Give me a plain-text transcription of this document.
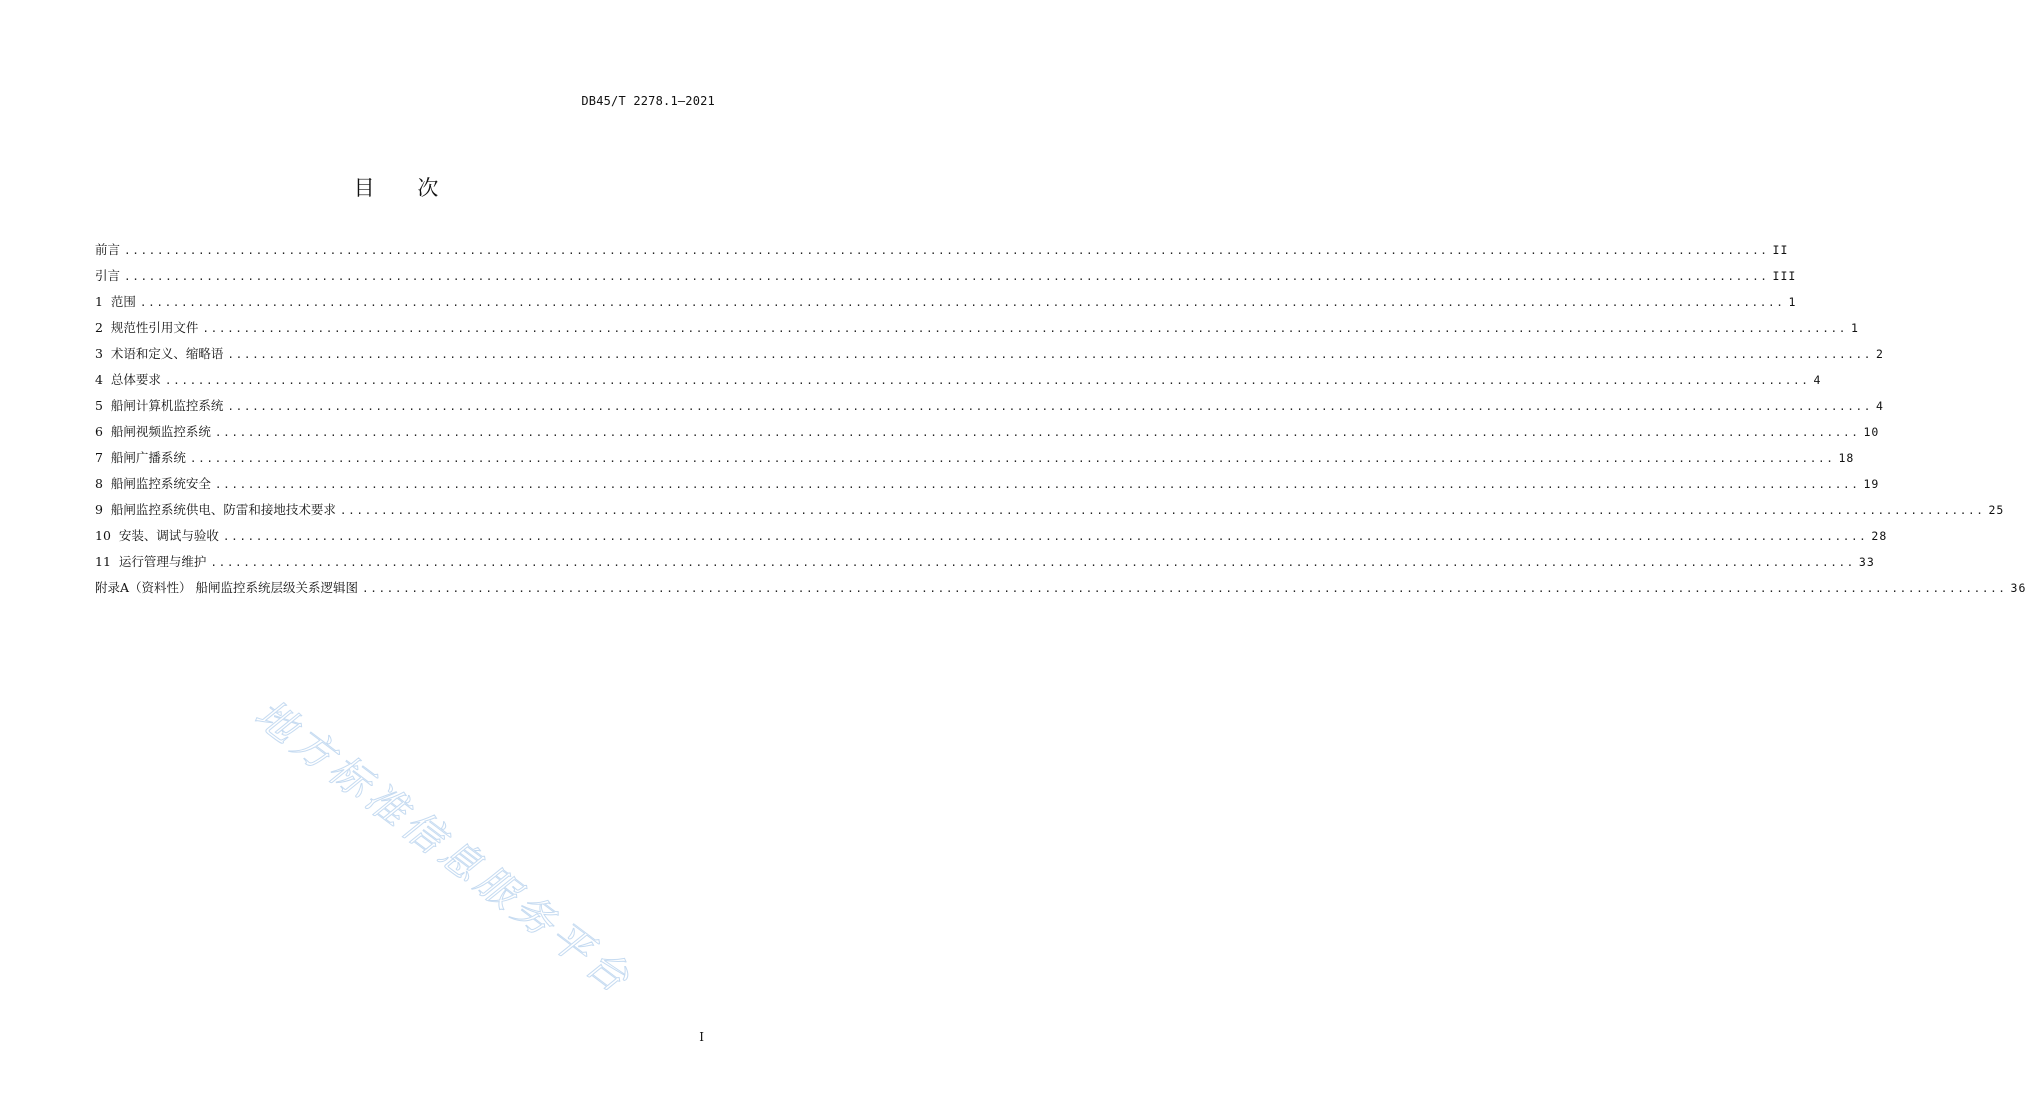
DB45/T 2278.1—2021
目 次
前言 ........................................................................................................................................................................................................ II
引言 ........................................................................................................................................................................................................ III
1 范围 ........................................................................................................................................................................................................ 1
2 规范性引用文件 ........................................................................................................................................................................................................ 1
3 术语和定义、缩略语 ........................................................................................................................................................................................................ 2
4 总体要求 ........................................................................................................................................................................................................ 4
5 船闸计算机监控系统 ........................................................................................................................................................................................................ 4
6 船闸视频监控系统 ........................................................................................................................................................................................................ 10
7 船闸广播系统 ........................................................................................................................................................................................................ 18
8 船闸监控系统安全 ........................................................................................................................................................................................................ 19
9 船闸监控系统供电、防雷和接地技术要求 ........................................................................................................................................................................................................ 25
10 安装、调试与验收 ........................................................................................................................................................................................................ 28
11 运行管理与维护 ........................................................................................................................................................................................................ 33
附录A（资料性） 船闸监控系统层级关系逻辑图 ........................................................................................................................................................................................................ 36
地方标准信息服务平台
I
